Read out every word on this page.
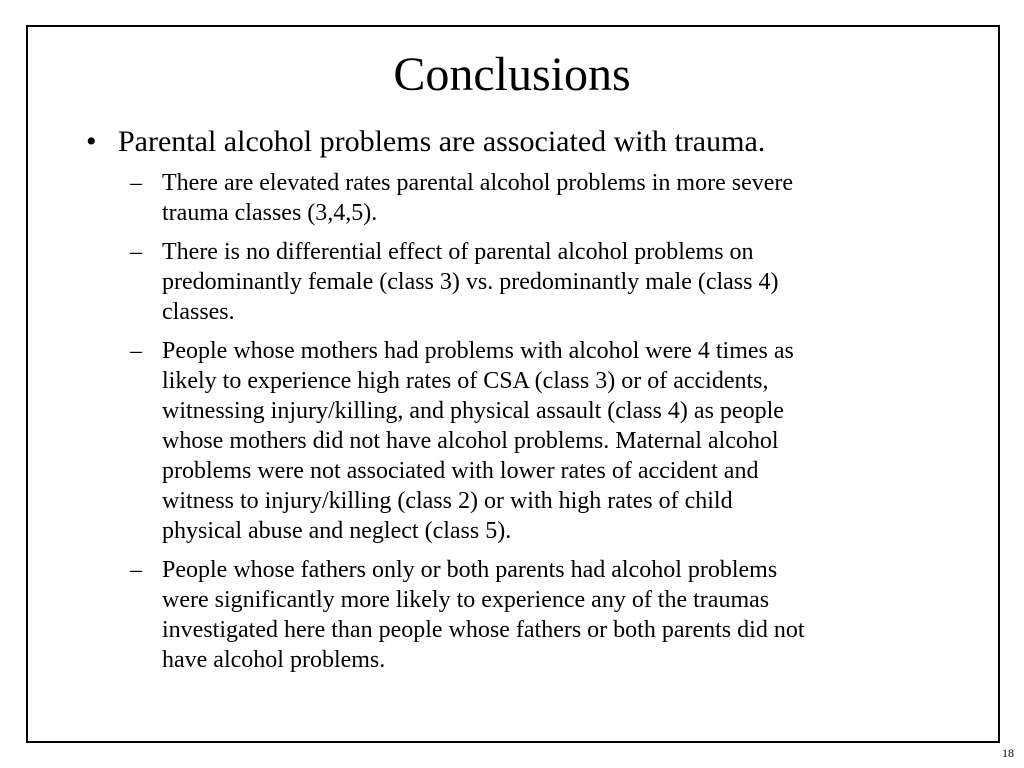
Conclusions
• Parental alcohol problems are associated with trauma.
– There are elevated rates parental alcohol problems in more severe
trauma classes (3,4,5).
– There is no differential effect of parental alcohol problems on
predominantly female (class 3) vs. predominantly male (class 4)
classes.
– People whose mothers had problems with alcohol were 4 times as
likely to experience high rates of CSA (class 3) or of accidents,
witnessing injury/killing, and physical assault (class 4) as people
whose mothers did not have alcohol problems. Maternal alcohol
problems were not associated with lower rates of accident and
witness to injury/killing (class 2) or with high rates of child
physical abuse and neglect (class 5).
– People whose fathers only or both parents had alcohol problems
were significantly more likely to experience any of the traumas
investigated here than people whose fathers or both parents did not
have alcohol problems.
18
